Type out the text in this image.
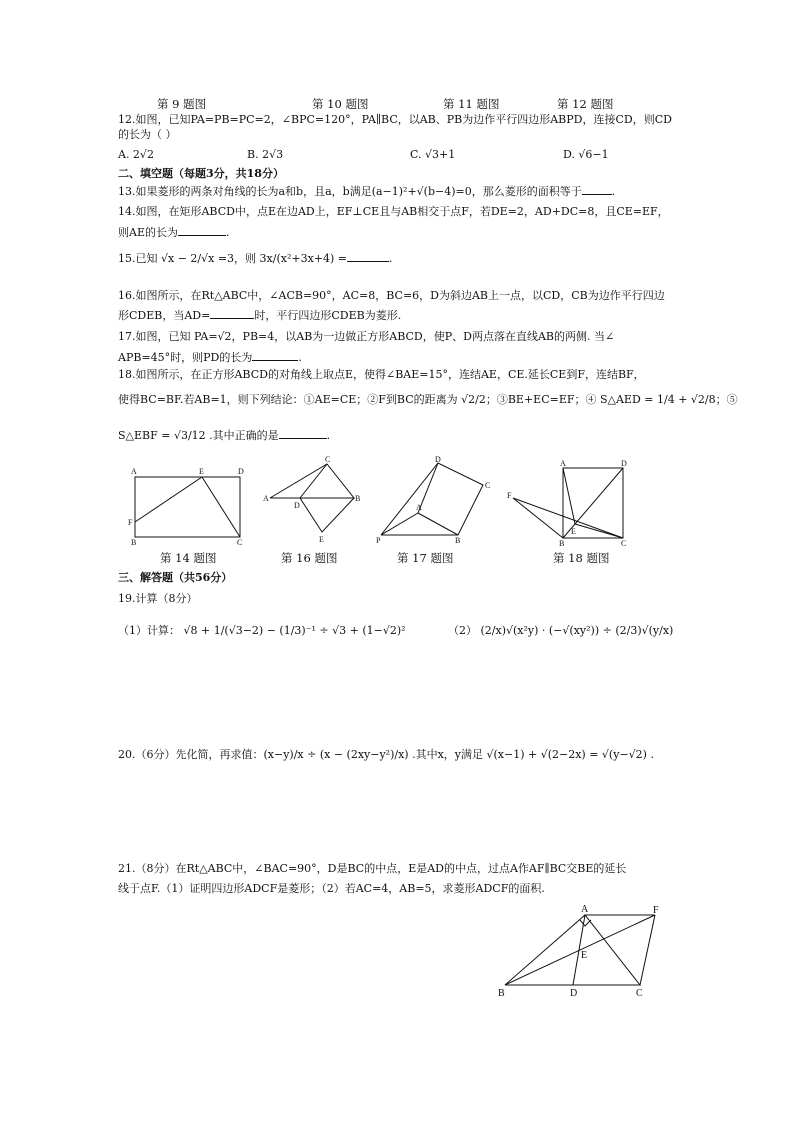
第 9 题图	第 10 题图	第 11 题图	第 12 题图
12.如图，已知PA=PB=PC=2，∠BPC=120°，PA∥BC，以AB、PB为边作平行四边形ABPD，连接CD，则CD
的长为（ ）
A. 2√2	B. 2√3	C. √3+1	D. √6−1
二、填空题（每题3分，共18分）
13.如果菱形的两条对角线的长为a和b，且a，b满足(a−1)²+√(b−4)=0，那么菱形的面积等于	.
14.如图，在矩形ABCD中，点E在边AD上，EF⊥CE且与AB相交于点F，若DE=2，AD+DC=8，且CE=EF，
则AE的长为	.
15.已知 √x − 2/√x =3，则 3x/(x²+3x+4) =	.
16.如图所示，在Rt△ABC中，∠ACB=90°，AC=8，BC=6，D为斜边AB上一点，以CD，CB为边作平行四边
形CDEB，当AD=	时，平行四边形CDEB为菱形.
17.如图，已知 PA=√2，PB=4，以AB为一边做正方形ABCD，使P、D两点落在直线AB的两侧. 当∠
APB=45°时，则PD的长为	.
18.如图所示，在正方形ABCD的对角线上取点E，使得∠BAE=15°，连结AE，CE.延长CE到F，连结BF，
使得BC=BF.若AB=1，则下列结论：①AE=CE；②F到BC的距离为 √2/2；③BE+EC=EF；④ S△AED = 1/4 + √2/8；⑤
S△EBF = √3/12 .其中正确的是	.
A	E	D
F
B	C
A
C
B
D
E	P	B
C
D
A
A	D
F
E
B	C
第 14 题图	第 16 题图	第 17 题图	第 18 题图
三、解答题（共56分）
19.计算（8分）
（1）计算： √8 + 1/(√3−2) − (1/3)⁻¹ ÷ √3 + (1−√2)²	（2） (2/x)√(x²y) · (−√(xy²)) ÷ (2/3)√(y/x)
20.（6分）先化简，再求值：(x−y)/x ÷ (x − (2xy−y²)/x) .其中x，y满足 √(x−1) + √(2−2x) = √(y−√2) .
21.（8分）在Rt△ABC中，∠BAC=90°，D是BC的中点，E是AD的中点，过点A作AF∥BC交BE的延长
线于点F.（1）证明四边形ADCF是菱形；（2）若AC=4，AB=5，求菱形ADCF的面积.
A	F
E
B	D	C
